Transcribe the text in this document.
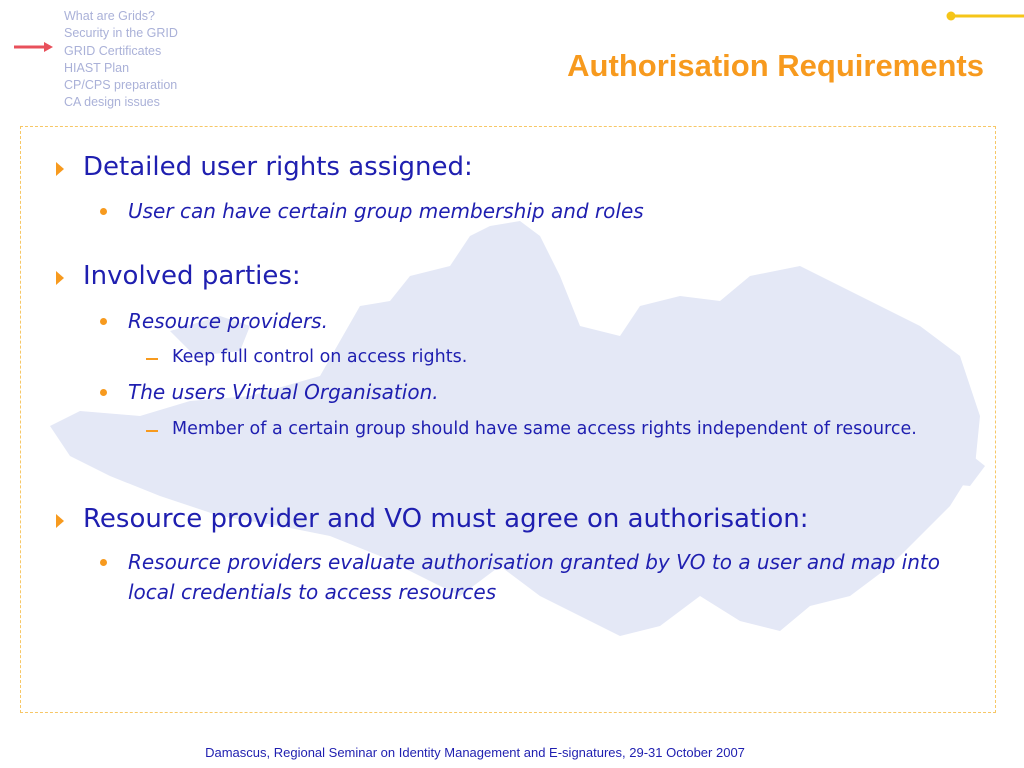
What are Grids?
Security in the GRID
GRID Certificates
HIAST Plan
CP/CPS preparation
CA design issues
Authorisation Requirements
Detailed user rights assigned:
User can have certain group membership and roles
Involved parties:
Resource providers.
Keep full control on access rights.
The users Virtual Organisation.
Member of a certain group should have same access rights independent of resource.
Resource provider and VO must agree on authorisation:
Resource providers evaluate authorisation granted by VO to a user and map into local credentials to access resources
Damascus, Regional Seminar on Identity Management and E-signatures, 29-31 October 2007
